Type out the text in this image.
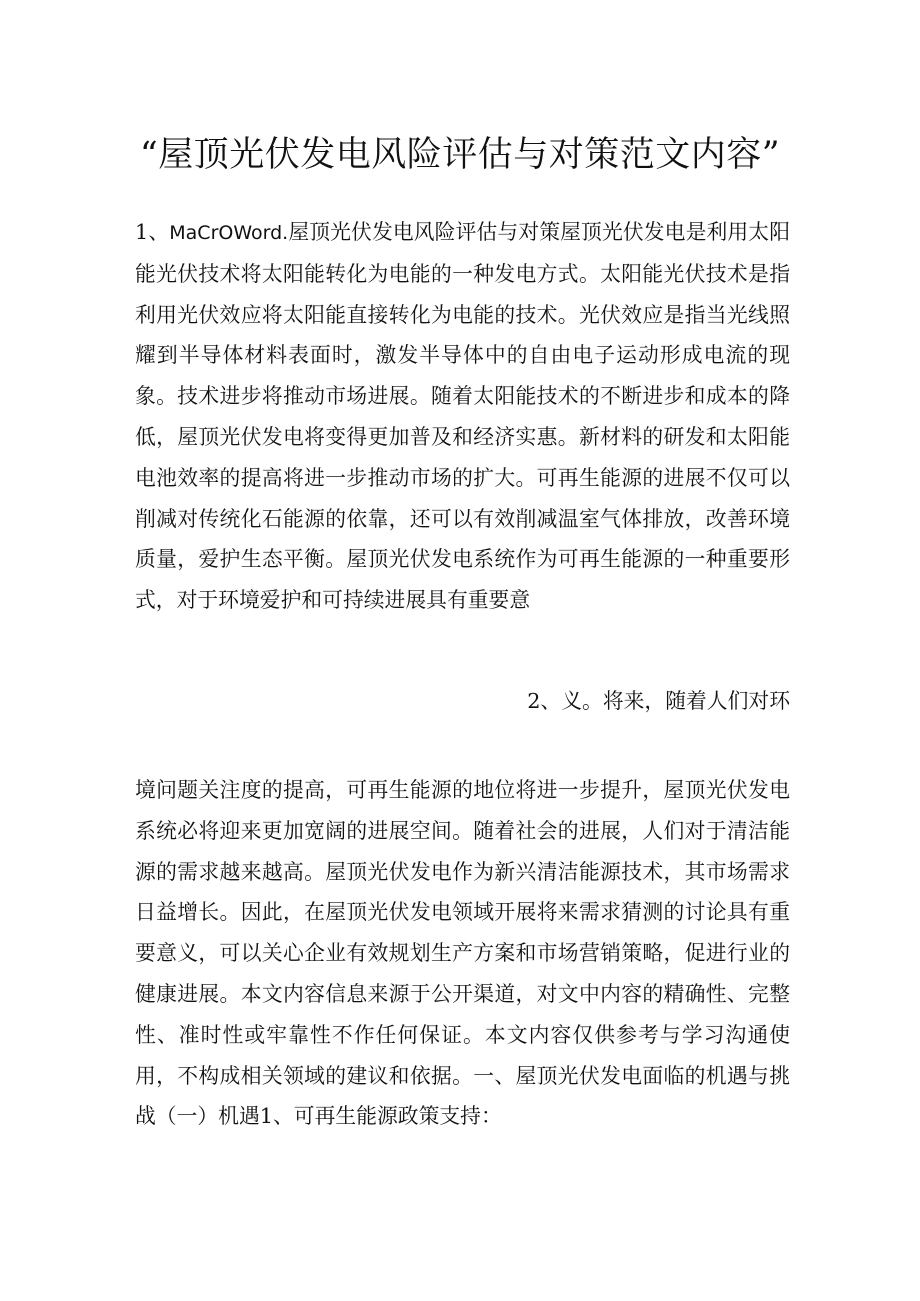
“屋顶光伏发电风险评估与对策范文内容”
1、MaCrOWord.屋顶光伏发电风险评估与对策屋顶光伏发电是利用太阳能光伏技术将太阳能转化为电能的一种发电方式。太阳能光伏技术是指利用光伏效应将太阳能直接转化为电能的技术。光伏效应是指当光线照耀到半导体材料表面时，激发半导体中的自由电子运动形成电流的现象。技术进步将推动市场进展。随着太阳能技术的不断进步和成本的降低，屋顶光伏发电将变得更加普及和经济实惠。新材料的研发和太阳能电池效率的提高将进一步推动市场的扩大。可再生能源的进展不仅可以削减对传统化石能源的依靠，还可以有效削减温室气体排放，改善环境质量，爱护生态平衡。屋顶光伏发电系统作为可再生能源的一种重要形式，对于环境爱护和可持续进展具有重要意
2、义。将来，随着人们对环
境问题关注度的提高，可再生能源的地位将进一步提升，屋顶光伏发电系统必将迎来更加宽阔的进展空间。随着社会的进展，人们对于清洁能源的需求越来越高。屋顶光伏发电作为新兴清洁能源技术，其市场需求日益增长。因此，在屋顶光伏发电领域开展将来需求猜测的讨论具有重要意义，可以关心企业有效规划生产方案和市场营销策略，促进行业的健康进展。本文内容信息来源于公开渠道，对文中内容的精确性、完整性、准时性或牢靠性不作任何保证。本文内容仅供参考与学习沟通使用，不构成相关领域的建议和依据。一、屋顶光伏发电面临的机遇与挑战（一）机遇1、可再生能源政策支持：
